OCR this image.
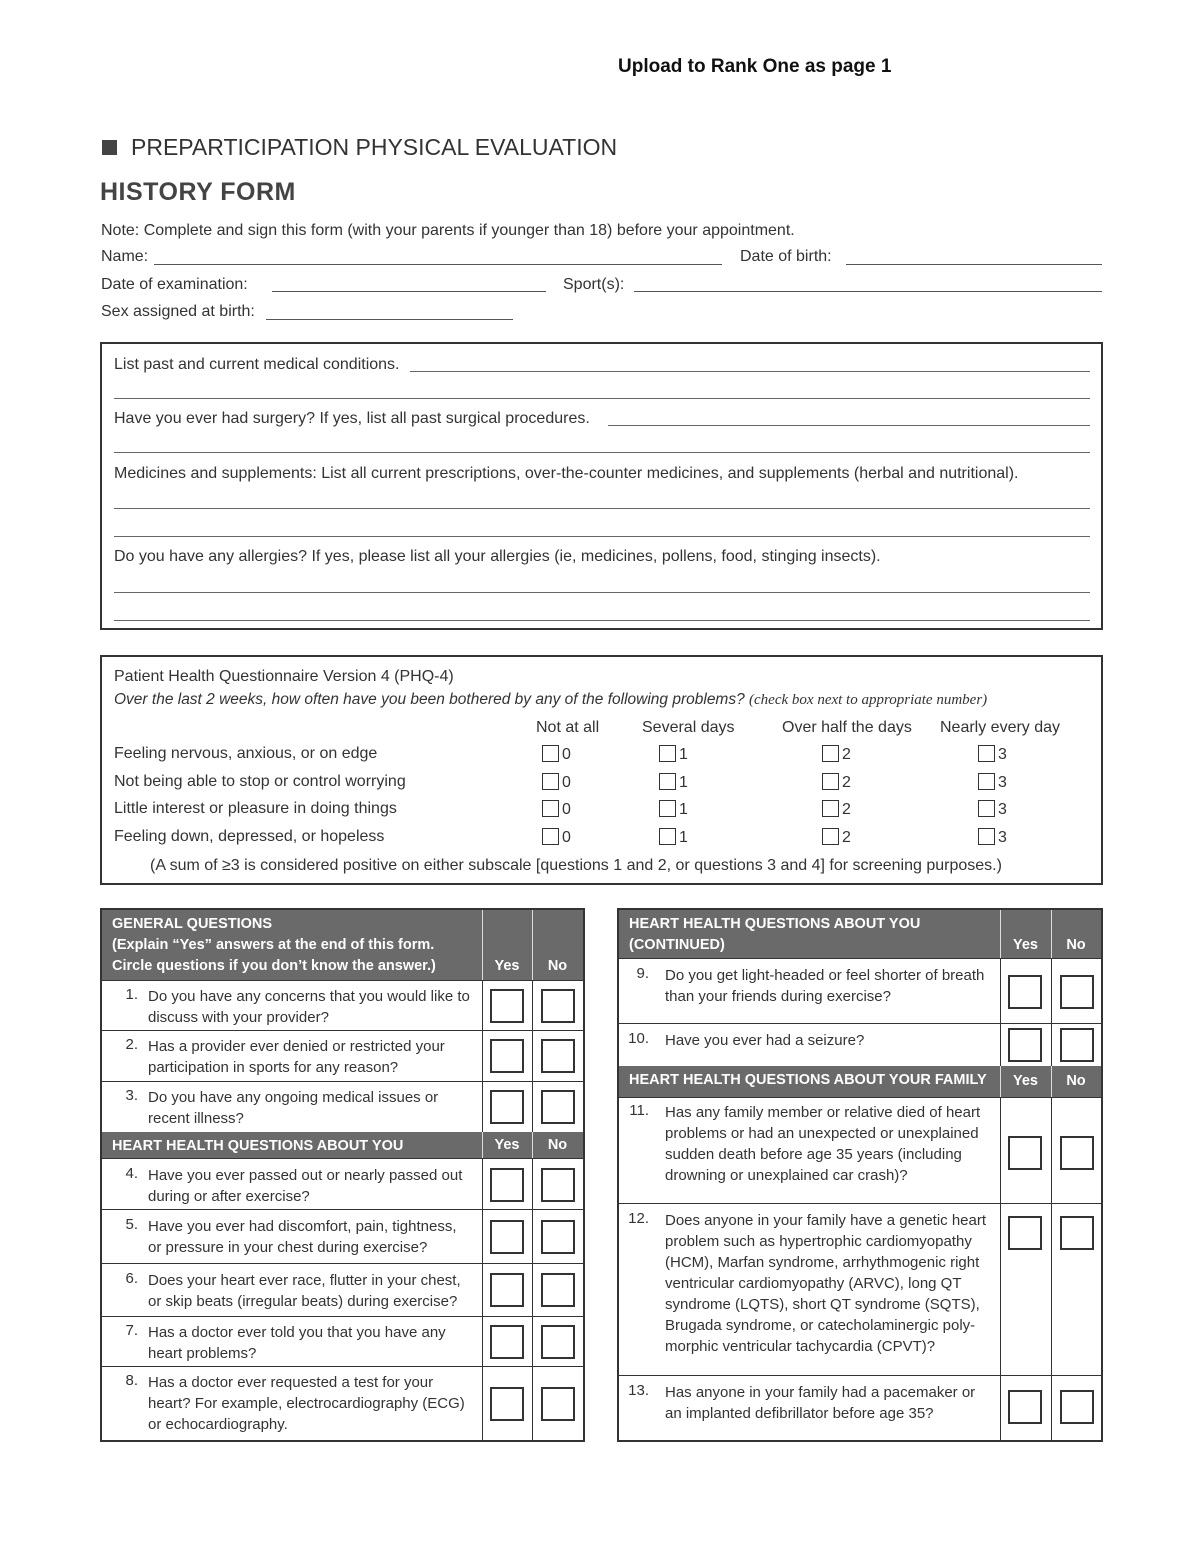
Upload to Rank One as page 1
PREPARTICIPATION PHYSICAL EVALUATION
HISTORY FORM
Note: Complete and sign this form (with your parents if younger than 18) before your appointment.
Name:	Date of birth:
Date of examination:	Sport(s):
Sex assigned at birth:
List past and current medical conditions.
Have you ever had surgery? If yes, list all past surgical procedures.
Medicines and supplements: List all current prescriptions, over-the-counter medicines, and supplements (herbal and nutritional).
Do you have any allergies? If yes, please list all your allergies (ie, medicines, pollens, food, stinging insects).
Patient Health Questionnaire Version 4 (PHQ-4)
Over the last 2 weeks, how often have you been bothered by any of the following problems? (check box next to appropriate number)
Not at all	Several days	Over half the days Nearly every day
Feeling nervous, anxious, or on edge	0	1	2	3
Not being able to stop or control worrying	0	1	2	3
Little interest or pleasure in doing things	0	1	2	3
Feeling down, depressed, or hopeless	0	1	2	3
(A sum of ≥3 is considered positive on either subscale [questions 1 and 2, or questions 3 and 4] for screening purposes.)
GENERAL QUESTIONS
(Explain “Yes” answers at the end of this form.
Circle questions if you don’t know the answer.)	Yes	No
1. Do you have any concerns that you would like to
discuss with your provider?
2. Has a provider ever denied or restricted your
participation in sports for any reason?
3. Do you have any ongoing medical issues or
recent illness?
HEART HEALTH QUESTIONS ABOUT YOU	Yes	No
4. Have you ever passed out or nearly passed out
during or after exercise?
5. Have you ever had discomfort, pain, tightness,
or pressure in your chest during exercise?
6. Does your heart ever race, flutter in your chest,
or skip beats (irregular beats) during exercise?
7. Has a doctor ever told you that you have any
heart problems?
8. Has a doctor ever requested a test for your
heart? For example, electrocardiography (ECG)
or echocardiography.
HEART HEALTH QUESTIONS ABOUT YOU
(CONTINUED)	Yes	No
9. Do you get light-headed or feel shorter of breath
than your friends during exercise?
10. Have you ever had a seizure?
HEART HEALTH QUESTIONS ABOUT YOUR FAMILY	Yes	No
11. Has any family member or relative died of heart
problems or had an unexpected or unexplained
sudden death before age 35 years (including
drowning or unexplained car crash)?
12. Does anyone in your family have a genetic heart
problem such as hypertrophic cardiomyopathy
(HCM), Marfan syndrome, arrhythmogenic right
ventricular cardiomyopathy (ARVC), long QT
syndrome (LQTS), short QT syndrome (SQTS),
Brugada syndrome, or catecholaminergic poly-
morphic ventricular tachycardia (CPVT)?
13. Has anyone in your family had a pacemaker or
an implanted defibrillator before age 35?
